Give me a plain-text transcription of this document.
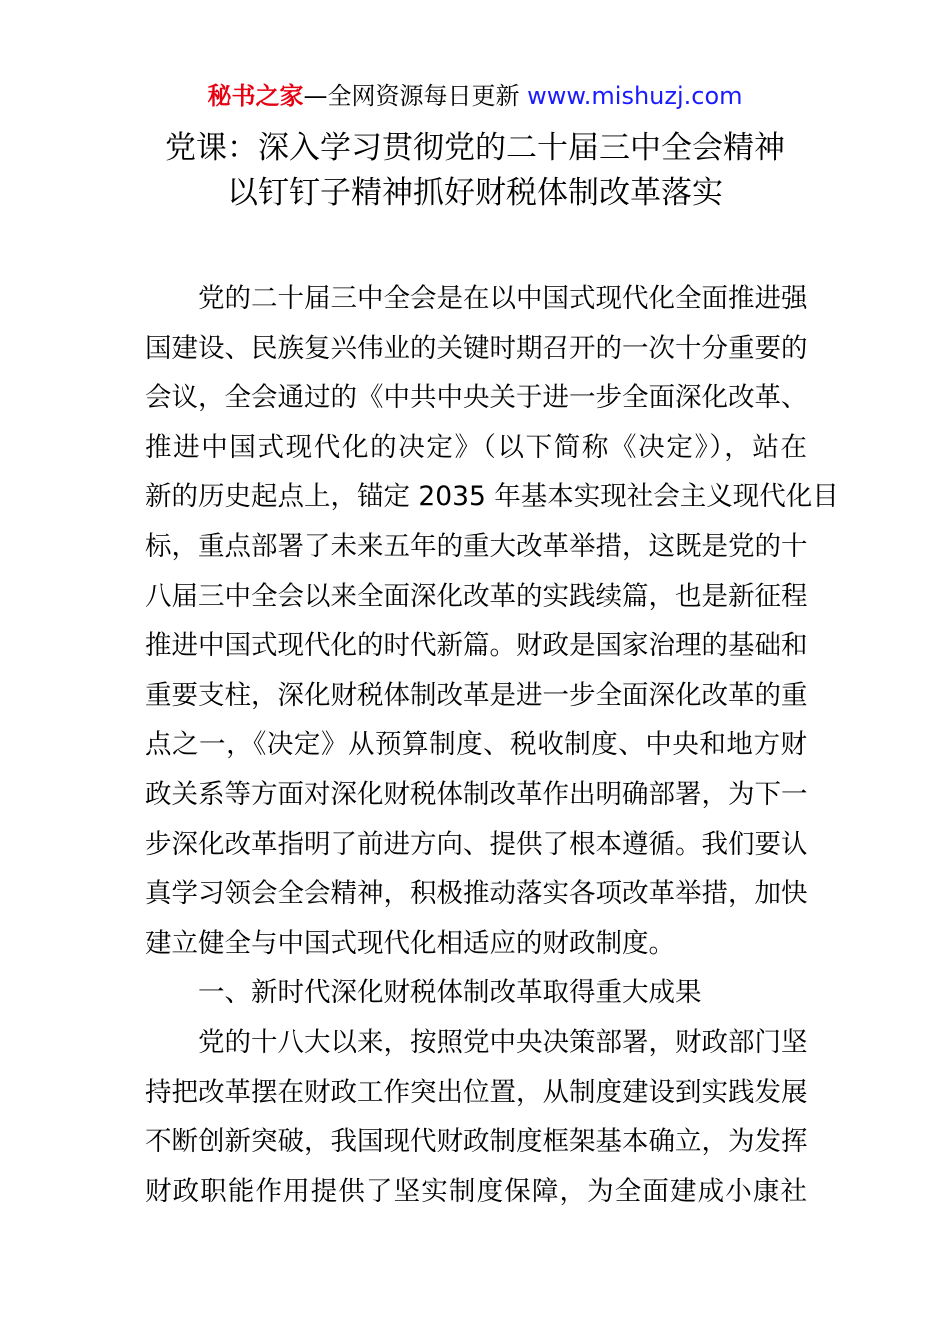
秘书之家—全网资源每日更新 www.mishuzj.com
党课：深入学习贯彻党的二十届三中全会精神
以钉钉子精神抓好财税体制改革落实
党的二十届三中全会是在以中国式现代化全面推进强
国建设、民族复兴伟业的关键时期召开的一次十分重要的
会议，全会通过的《中共中央关于进一步全面深化改革、
推进中国式现代化的决定》（以下简称《决定》），站在
新的历史起点上，锚定 2035 年基本实现社会主义现代化目
标，重点部署了未来五年的重大改革举措，这既是党的十
八届三中全会以来全面深化改革的实践续篇，也是新征程
推进中国式现代化的时代新篇。财政是国家治理的基础和
重要支柱，深化财税体制改革是进一步全面深化改革的重
点之一，《决定》从预算制度、税收制度、中央和地方财
政关系等方面对深化财税体制改革作出明确部署，为下一
步深化改革指明了前进方向、提供了根本遵循。我们要认
真学习领会全会精神，积极推动落实各项改革举措，加快
建立健全与中国式现代化相适应的财政制度。
一、新时代深化财税体制改革取得重大成果
党的十八大以来，按照党中央决策部署，财政部门坚
持把改革摆在财政工作突出位置，从制度建设到实践发展
不断创新突破，我国现代财政制度框架基本确立，为发挥
财政职能作用提供了坚实制度保障，为全面建成小康社
